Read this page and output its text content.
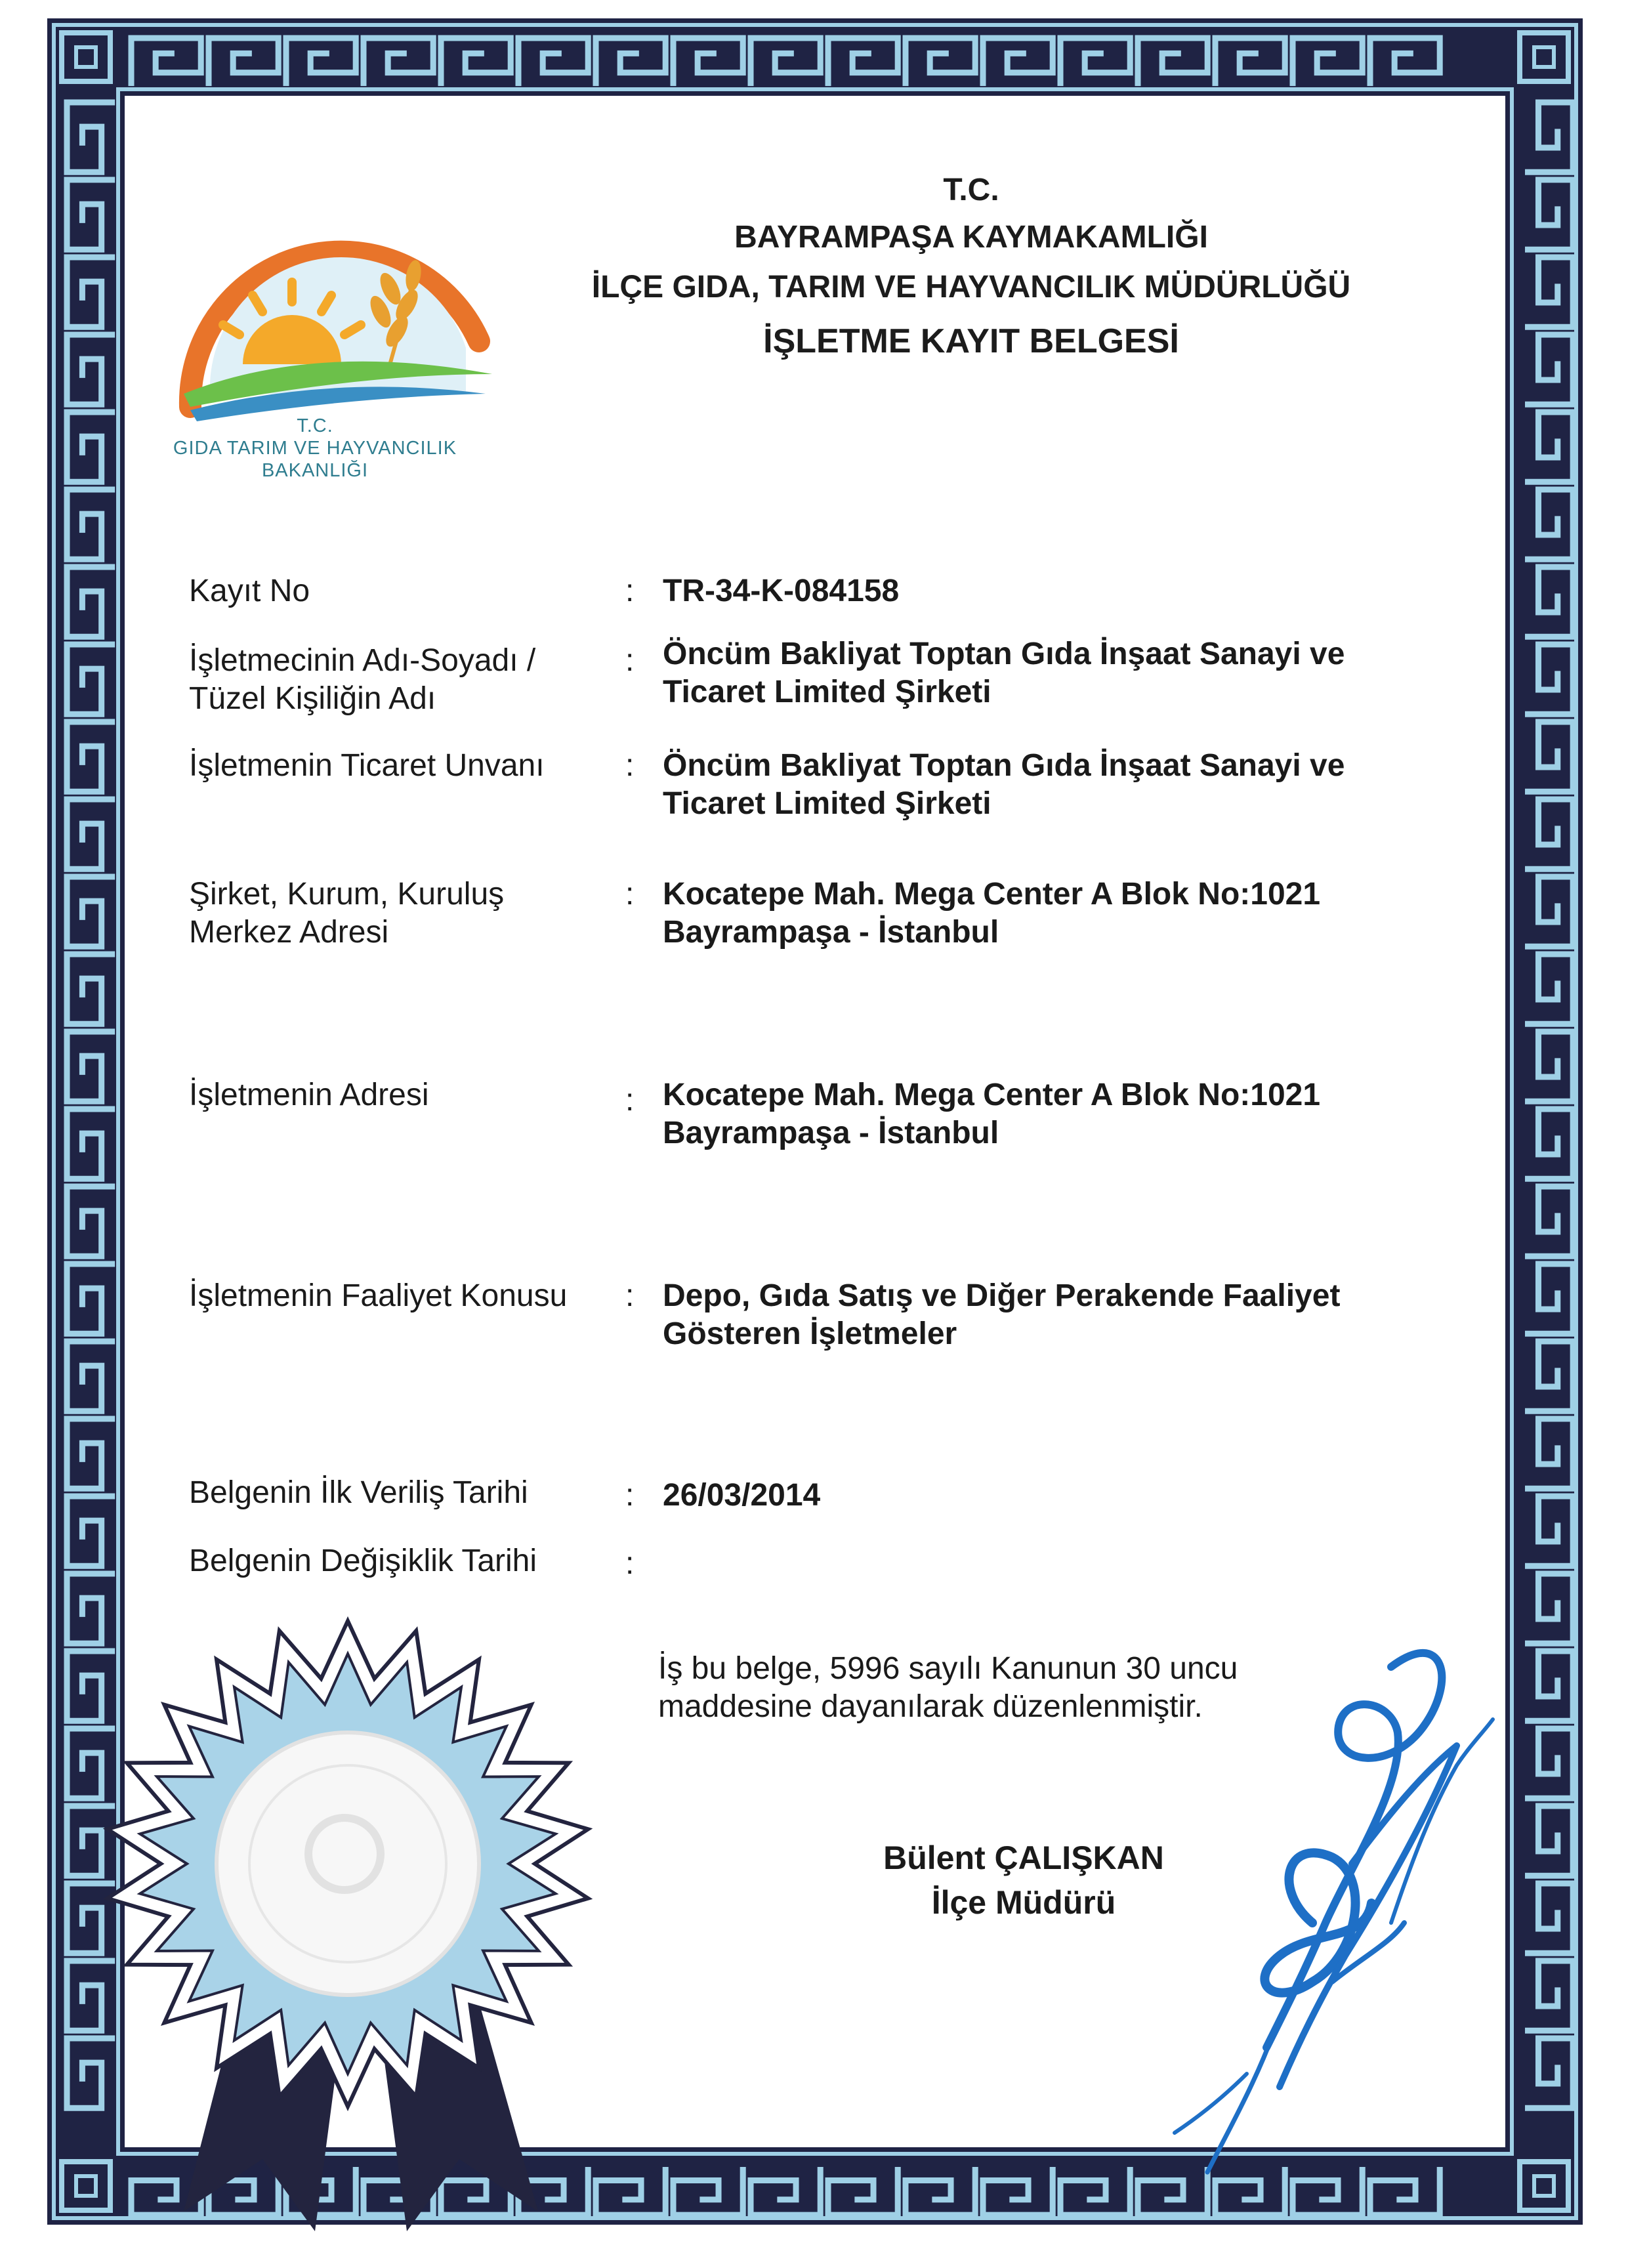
T.C.
GIDA TARIM VE HAYVANCILIK
BAKANLIĞI
T.C.
BAYRAMPAŞA KAYMAKAMLIĞI
İLÇE GIDA, TARIM VE HAYVANCILIK MÜDÜRLÜĞÜ
İŞLETME KAYIT BELGESİ
Kayıt No	: TR-34-K-084158
İşletmecinin Adı-Soyadı /
Tüzel Kişiliğin Adı
: Öncüm Bakliyat Toptan Gıda İnşaat Sanayi ve
Ticaret Limited Şirketi
İşletmenin Ticaret Unvanı	: Öncüm Bakliyat Toptan Gıda İnşaat Sanayi ve
Ticaret Limited Şirketi
Şirket, Kurum, Kuruluş
Merkez Adresi
: Kocatepe Mah. Mega Center A Blok No:1021
Bayrampaşa - İstanbul
İşletmenin Adresi	: Kocatepe Mah. Mega Center A Blok No:1021
Bayrampaşa - İstanbul
İşletmenin Faaliyet Konusu	: Depo, Gıda Satış ve Diğer Perakende Faaliyet
Gösteren İşletmeler
Belgenin İlk Veriliş Tarihi	: 26/03/2014
Belgenin Değişiklik Tarihi	:
İş bu belge, 5996 sayılı Kanunun 30 uncu
maddesine dayanılarak düzenlenmiştir.
Bülent ÇALIŞKAN
İlçe Müdürü
